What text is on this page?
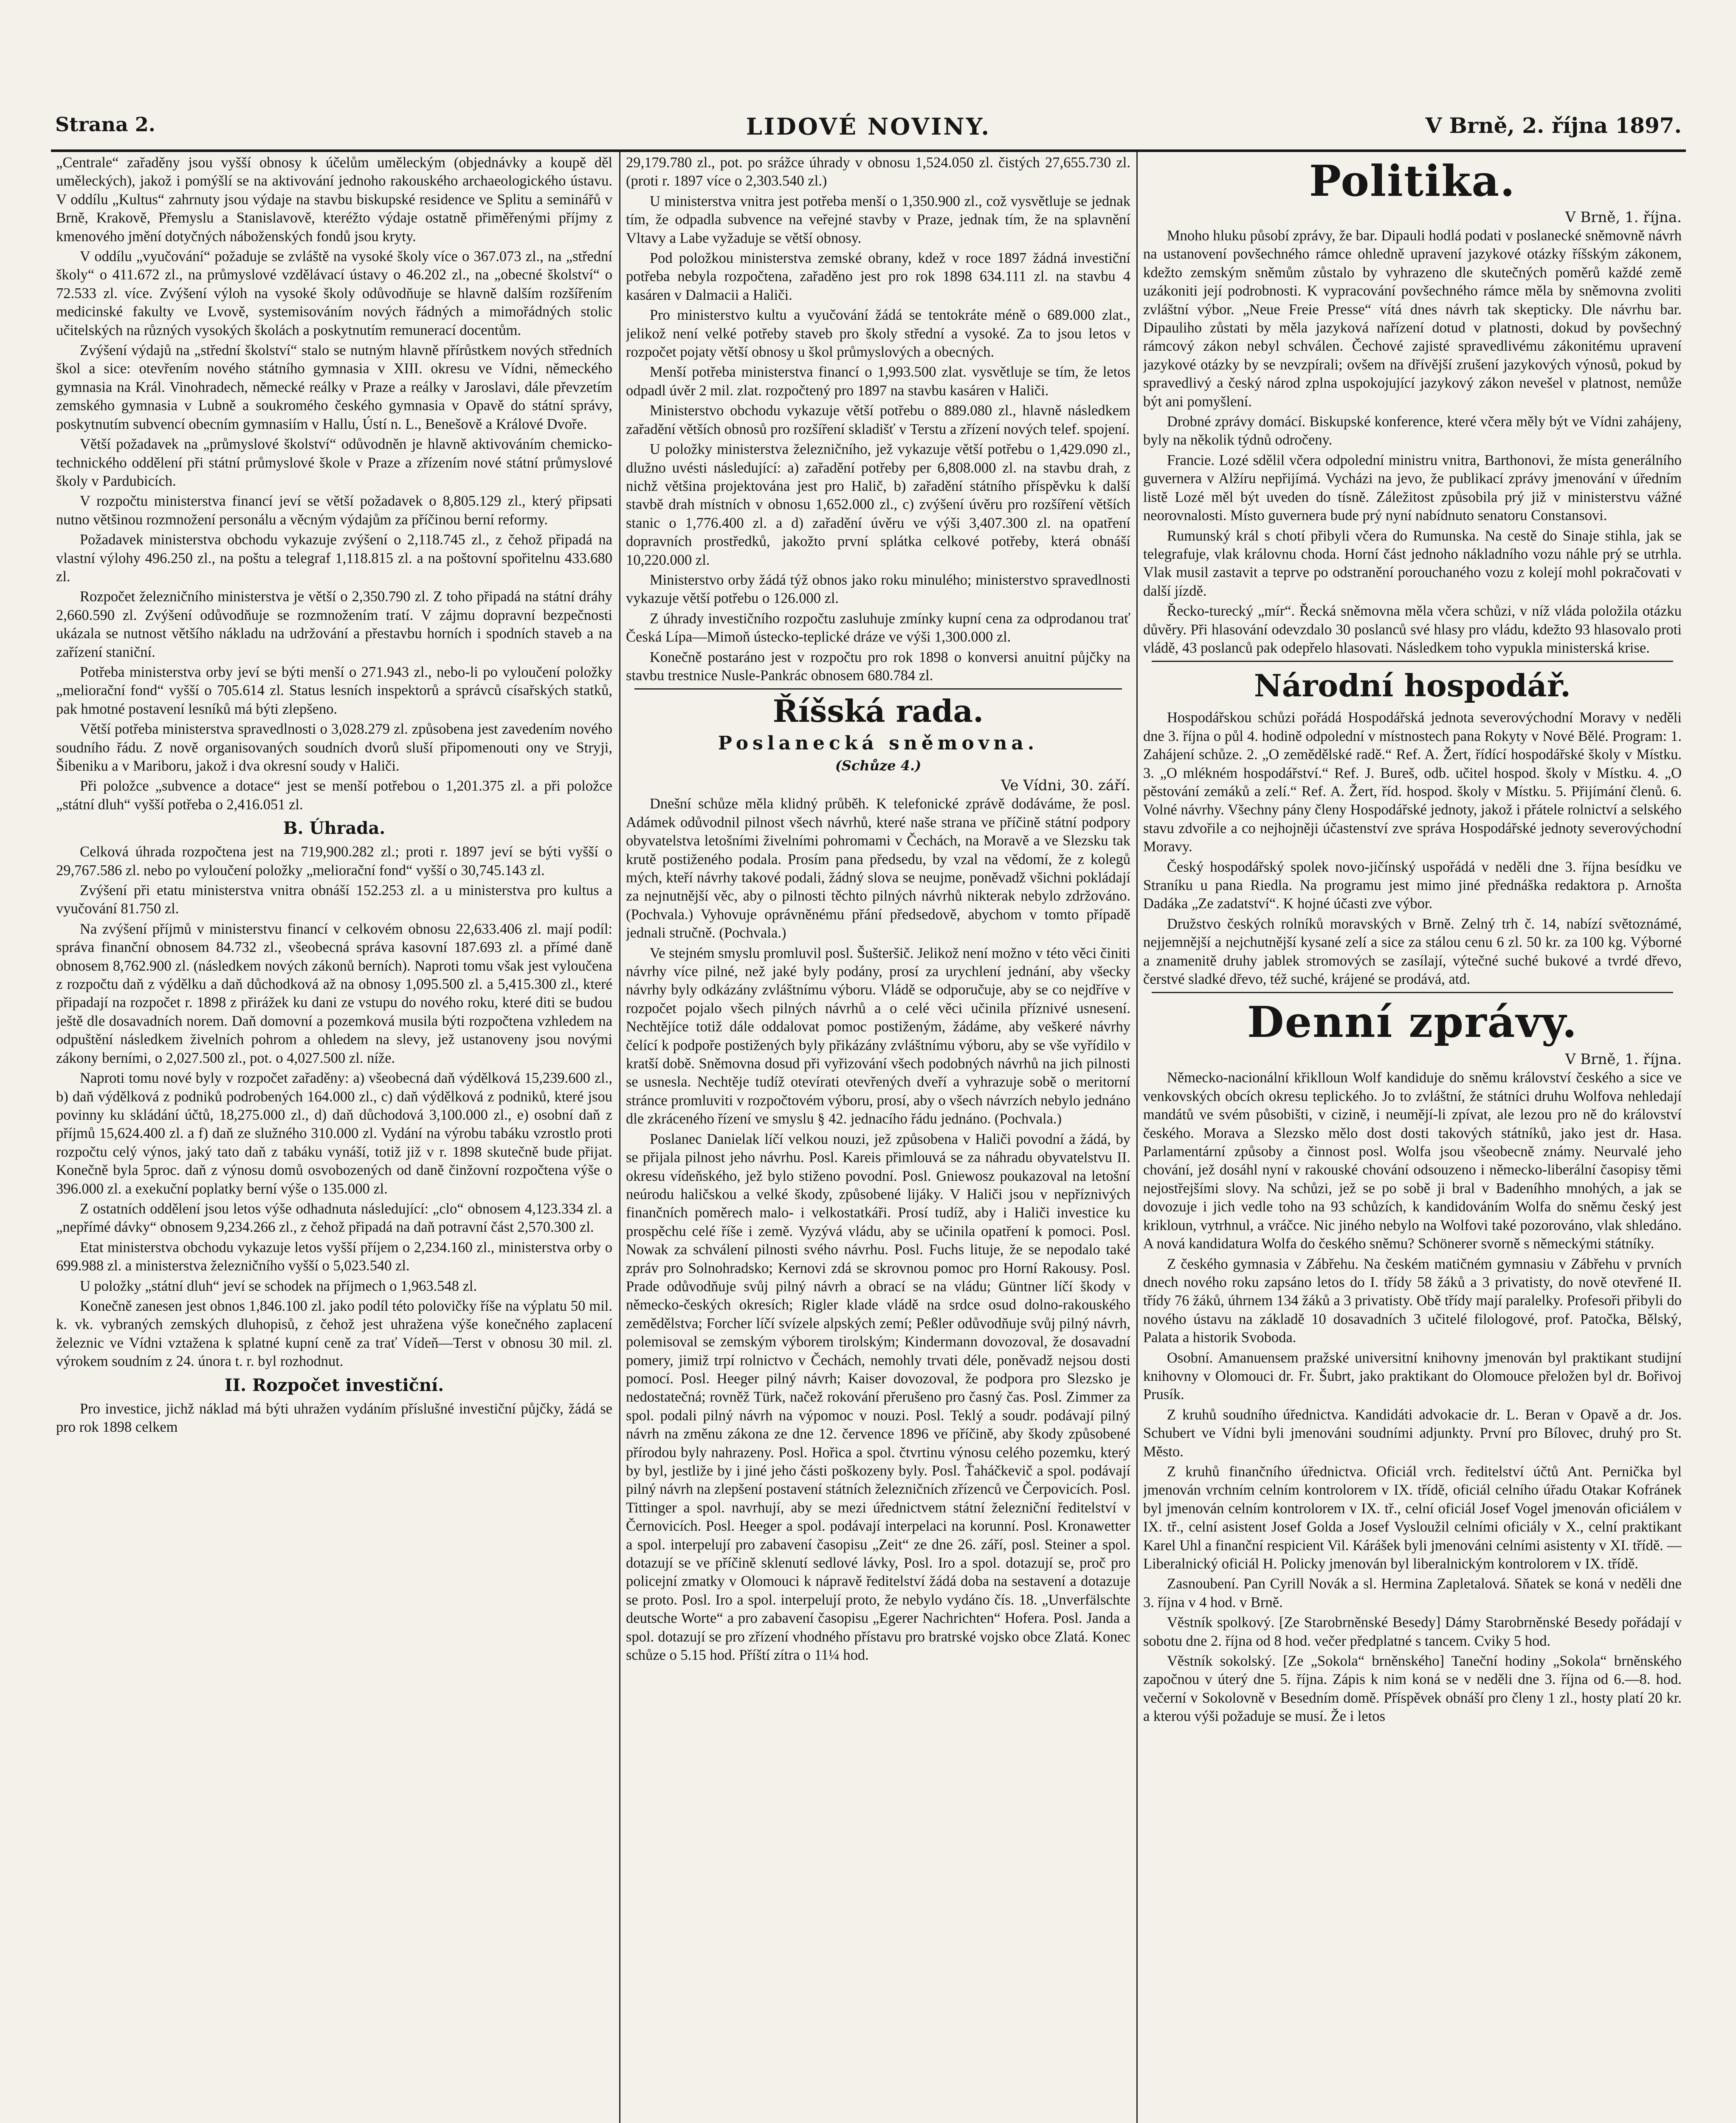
Strana 2.	LIDOVÉ NOVINY.	V Brně, 2. října 1897.

„Centrale“ zařaděny jsou vyšší obnosy k účelům uměleckým (objednávky a koupě děl uměleckých), jakož i pomýšlí se na aktivování jednoho rakouského archaeologického ústavu. V oddílu „Kultus“ zahrnuty jsou výdaje na stavbu biskupské residence ve Splitu a seminářů v Brně, Krakově, Přemyslu a Stanislavově, kteréžto výdaje ostatně přiměřenými příjmy z kmenového jmění dotyčných náboženských fondů jsou kryty.

V oddílu „vyučování“ požaduje se zvláště na vysoké školy více o 367.073 zl., na „střední školy“ o 411.672 zl., na průmyslové vzdělávací ústavy o 46.202 zl., na „obecné školství“ o 72.533 zl. více. Zvýšení výloh na vysoké školy odůvodňuje se hlavně dalším rozšířením medicinské fakulty ve Lvově, systemisováním nových řádných a mimořádných stolic učitelských na různých vysokých školách a poskytnutím remunerací docentům.

Zvýšení výdajů na „střední školství“ stalo se nutným hlavně přírůstkem nových středních škol a sice: otevřením nového státního gymnasia v XIII. okresu ve Vídni, německého gymnasia na Král. Vinohradech, německé reálky v Praze a reálky v Jaroslavi, dále převzetím zemského gymnasia v Lubně a soukromého českého gymnasia v Opavě do státní správy, poskytnutím subvencí obecním gymnasiím v Hallu, Ústí n. L., Benešově a Králové Dvoře.

Větší požadavek na „průmyslové školství“ odůvodněn je hlavně aktivováním chemicko-technického oddělení při státní průmyslové škole v Praze a zřízením nové státní průmyslové školy v Pardubicích.

V rozpočtu ministerstva financí jeví se větší požadavek o 8,805.129 zl., který připsati nutno většinou rozmnožení personálu a věcným výdajům za příčinou berní reformy.

Požadavek ministerstva obchodu vykazuje zvýšení o 2,118.745 zl., z čehož připadá na vlastní výlohy 496.250 zl., na poštu a telegraf 1,118.815 zl. a na poštovní spořitelnu 433.680 zl.

Rozpočet železničního ministerstva je větší o 2,350.790 zl. Z toho připadá na státní dráhy 2,660.590 zl. Zvýšení odůvodňuje se rozmnožením tratí. V zájmu dopravní bezpečnosti ukázala se nutnost většího nákladu na udržování a přestavbu horních i spodních staveb a na zařízení staniční.

Potřeba ministerstva orby jeví se býti menší o 271.943 zl., nebo-li po vyloučení položky „meliorační fond“ vyšší o 705.614 zl. Status lesních inspektorů a správců císařských statků, pak hmotné postavení lesníků má býti zlepšeno.

Větší potřeba ministerstva spravedlnosti o 3,028.279 zl. způsobena jest zavedením nového soudního řádu. Z nově organisovaných soudních dvorů sluší připomenouti ony ve Stryji, Šibeniku a v Mariboru, jakož i dva okresní soudy v Haliči.

Při položce „subvence a dotace“ jest se menší potřebou o 1,201.375 zl. a při položce „státní dluh“ vyšší potřeba o 2,416.051 zl.

B. Úhrada.

Celková úhrada rozpočtena jest na 719,900.282 zl.; proti r. 1897 jeví se býti vyšší o 29,767.586 zl. nebo po vyloučení položky „meliorační fond“ vyšší o 30,745.143 zl.

Zvýšení při etatu ministerstva vnitra obnáší 152.253 zl. a u ministerstva pro kultus a vyučování 81.750 zl.

Na zvýšení příjmů v ministerstvu financí v celkovém obnosu 22,633.406 zl. mají podíl: správa finanční obnosem 84.732 zl., všeobecná správa kasovní 187.693 zl. a přímé daně obnosem 8,762.900 zl. (následkem nových zákonů berních). Naproti tomu však jest vyloučena z rozpočtu daň z výdělku a daň důchodková až na obnosy 1,095.500 zl. a 5,415.300 zl., které připadají na rozpočet r. 1898 z přirážek ku dani ze vstupu do nového roku, které diti se budou ještě dle dosavadních norem. Daň domovní a pozemková musila býti rozpočtena vzhledem na odpuštění následkem živelních pohrom a ohledem na slevy, jež ustanoveny jsou novými zákony berními, o 2,027.500 zl., pot. o 4,027.500 zl. níže.

Naproti tomu nové byly v rozpočet zařaděny: a) všeobecná daň výdělková 15,239.600 zl., b) daň výdělková z podniků podrobených 164.000 zl., c) daň výdělková z podniků, které jsou povinny ku skládání účtů, 18,275.000 zl., d) daň důchodová 3,100.000 zl., e) osobní daň z příjmů 15,624.400 zl. a f) daň ze služného 310.000 zl. Vydání na výrobu tabáku vzrostlo proti rozpočtu celý výnos, jaký tato daň z tabáku vynáší, totiž již v r. 1898 skutečně bude přijat. Konečně byla 5proc. daň z výnosu domů osvobozených od daně činžovní rozpočtena výše o 396.000 zl. a exekuční poplatky berní výše o 135.000 zl.

Z ostatních oddělení jsou letos výše odhadnuta následující: „clo“ obnosem 4,123.334 zl. a „nepřímé dávky“ obnosem 9,234.266 zl., z čehož připadá na daň potravní část 2,570.300 zl.

Etat ministerstva obchodu vykazuje letos vyšší příjem o 2,234.160 zl., ministerstva orby o 699.988 zl. a ministerstva železničního vyšší o 5,023.540 zl.

U položky „státní dluh“ jeví se schodek na příjmech o 1,963.548 zl.

Konečně zanesen jest obnos 1,846.100 zl. jako podíl této polovičky říše na výplatu 50 mil. k. vk. vybraných zemských dluhopisů, z čehož jest uhražena výše konečného zaplacení železnic ve Vídni vztažena k splatné kupní ceně za trať Vídeň—Terst v obnosu 30 mil. zl. výrokem soudním z 24. února t. r. byl rozhodnut.

II. Rozpočet investiční.

Pro investice, jichž náklad má býti uhražen vydáním příslušné investiční půjčky, žádá se pro rok 1898 celkem

29,179.780 zl., pot. po srážce úhrady v obnosu 1,524.050 zl. čistých 27,655.730 zl. (proti r. 1897 více o 2,303.540 zl.)

U ministerstva vnitra jest potřeba menší o 1,350.900 zl., což vysvětluje se jednak tím, že odpadla subvence na veřejné stavby v Praze, jednak tím, že na splavnění Vltavy a Labe vyžaduje se větší obnosy.

Pod položkou ministerstva zemské obrany, kdež v roce 1897 žádná investiční potřeba nebyla rozpočtena, zařaděno jest pro rok 1898 634.111 zl. na stavbu 4 kasáren v Dalmacii a Haliči.

Pro ministerstvo kultu a vyučování žádá se tentokráte méně o 689.000 zlat., jelikož není velké potřeby staveb pro školy střední a vysoké. Za to jsou letos v rozpočet pojaty větší obnosy u škol průmyslových a obecných.

Menší potřeba ministerstva financí o 1,993.500 zlat. vysvětluje se tím, že letos odpadl úvěr 2 mil. zlat. rozpočtený pro 1897 na stavbu kasáren v Haliči.

Ministerstvo obchodu vykazuje větší potřebu o 889.080 zl., hlavně následkem zařadění větších obnosů pro rozšíření skladišť v Terstu a zřízení nových telef. spojení.

U položky ministerstva železničního, jež vykazuje větší potřebu o 1,429.090 zl., dlužno uvésti následující: a) zařadění potřeby per 6,808.000 zl. na stavbu drah, z nichž většina projektována jest pro Halič, b) zařadění státního příspěvku k další stavbě drah místních v obnosu 1,652.000 zl., c) zvýšení úvěru pro rozšíření větších stanic o 1,776.400 zl. a d) zařadění úvěru ve výši 3,407.300 zl. na opatření dopravních prostředků, jakožto první splátka celkové potřeby, která obnáší 10,220.000 zl.

Ministerstvo orby žádá týž obnos jako roku minulého; ministerstvo spravedlnosti vykazuje větší potřebu o 126.000 zl.

Z úhrady investičního rozpočtu zasluhuje zmínky kupní cena za odprodanou trať Česká Lípa—Mimoň ústecko-teplické dráze ve výši 1,300.000 zl.

Konečně postaráno jest v rozpočtu pro rok 1898 o konversi anuitní půjčky na stavbu trestnice Nusle-Pankrác obnosem 680.784 zl.

Říšská rada.
Poslanecká sněmovna.
(Schůze 4.)
Ve Vídni, 30. září.

Dnešní schůze měla klidný průběh. K telefonické zprávě dodáváme, že posl. Adámek odůvodnil pilnost všech návrhů, které naše strana ve příčině státní podpory obyvatelstva letošními živelními pohromami v Čechách, na Moravě a ve Slezsku tak krutě postiženého podala. Prosím pana předsedu, by vzal na vědomí, že z kolegů mých, kteří návrhy takové podali, žádný slova se neujme, poněvadž všichni pokládají za nejnutnější věc, aby o pilnosti těchto pilných návrhů nikterak nebylo zdržováno. (Pochvala.) Vyhovuje oprávněnému přání předsedově, abychom v tomto případě jednali stručně. (Pochvala.)

Ve stejném smyslu promluvil posl. Šušteršič. Jelikož není možno v této věci činiti návrhy více pilné, než jaké byly podány, prosí za urychlení jednání, aby všecky návrhy byly odkázány zvláštnímu výboru. Vládě se odporučuje, aby se co nejdříve v rozpočet pojalo všech pilných návrhů a o celé věci učinila příznivé usnesení. Nechtějíce totiž dále oddalovat pomoc postiženým, žádáme, aby veškeré návrhy čelící k podpoře postižených byly přikázány zvláštnímu výboru, aby se vše vyřídilo v kratší době. Sněmovna dosud při vyřizování všech podobných návrhů na jich pilnosti se usnesla. Nechtěje tudíž otevírati otevřených dveří a vyhrazuje sobě o meritorní stránce promluviti v rozpočtovém výboru, prosí, aby o všech návrzích nebylo jednáno dle zkráceného řízení ve smyslu § 42. jednacího řádu jednáno. (Pochvala.)

Poslanec Danielak líčí velkou nouzi, jež způsobena v Haliči povodní a žádá, by se přijala pilnost jeho návrhu. Posl. Kareis přimlouvá se za náhradu obyvatelstvu II. okresu vídeňského, jež bylo stiženo povodní. Posl. Gniewosz poukazoval na letošní neúrodu haličskou a velké škody, způsobené lijáky. V Haliči jsou v nepříznivých finančních poměrech malo- i velkostatkáři. Prosí tudíž, aby i Haliči investice ku prospěchu celé říše i země. Vyzývá vládu, aby se učinila opatření k pomoci. Posl. Nowak za schválení pilnosti svého návrhu. Posl. Fuchs lituje, že se nepodalo také zpráv pro Solnohradsko; Kernovi zdá se skrovnou pomoc pro Horní Rakousy. Posl. Prade odůvodňuje svůj pilný návrh a obrací se na vládu; Güntner líčí škody v německo-českých okresích; Rigler klade vládě na srdce osud dolno-rakouského zemědělstva; Forcher líčí svízele alpských zemí; Peßler odůvodňuje svůj pilný návrh, polemisoval se zemským výborem tirolským; Kindermann dovozoval, že dosavadní pomery, jimiž trpí rolnictvo v Čechách, nemohly trvati déle, poněvadž nejsou dosti pomocí. Posl. Heeger pilný návrh; Kaiser dovozoval, že podpora pro Slezsko je nedostatečná; rovněž Türk, načež rokování přerušeno pro časný čas. Posl. Zimmer za spol. podali pilný návrh na výpomoc v nouzi. Posl. Teklý a soudr. podávají pilný návrh na změnu zákona ze dne 12. července 1896 ve příčině, aby škody způsobené přírodou byly nahrazeny. Posl. Hořica a spol. čtvrtinu výnosu celého pozemku, který by byl, jestliže by i jiné jeho části poškozeny byly. Posl. Ťaháčkevič a spol. podávají pilný návrh na zlepšení postavení státních železničních zřízenců ve Čerpovicích. Posl. Tittinger a spol. navrhují, aby se mezi úřednictvem státní železniční ředitelství v Černovicích. Posl. Heeger a spol. podávají interpelaci na korunní. Posl. Kronawetter a spol. interpelují pro zabavení časopisu „Zeit“ ze dne 26. září, posl. Steiner a spol. dotazují se ve příčině sklenutí sedlové lávky, Posl. Iro a spol. dotazují se, proč pro policejní zmatky v Olomouci k nápravě ředitelství žádá doba na sestavení a dotazuje se proto. Posl. Iro a spol. interpelují proto, že nebylo vydáno čís. 18. „Unverfälschte deutsche Worte“ a pro zabavení časopisu „Egerer Nachrichten“ Hofera. Posl. Janda a spol. dotazují se pro zřízení vhodného přístavu pro bratrské vojsko obce Zlatá. Konec schůze o 5.15 hod. Příští zítra o 11¼ hod.

Politika.
V Brně, 1. října.

Mnoho hluku působí zprávy, že bar. Dipauli hodlá podati v poslanecké sněmovně návrh na ustanovení povšechného rámce ohledně upravení jazykové otázky říšským zákonem, kdežto zemským sněmům zůstalo by vyhrazeno dle skutečných poměrů každé země uzákoniti její podrobnosti. K vypracování povšechného rámce měla by sněmovna zvoliti zvláštní výbor. „Neue Freie Presse“ vítá dnes návrh tak skepticky. Dle návrhu bar. Dipauliho zůstati by měla jazyková nařízení dotud v platnosti, dokud by povšechný rámcový zákon nebyl schválen. Čechové zajisté spravedlivému zákonitému upravení jazykové otázky by se nevzpírali; ovšem na dřívější zrušení jazykových výnosů, pokud by spravedlivý a český národ zplna uspokojující jazykový zákon nevešel v platnost, nemůže být ani pomyšlení.

Drobné zprávy domácí. Biskupské konference, které včera měly být ve Vídni zahájeny, byly na několik týdnů odročeny.

Francie. Lozé sdělil včera odpolední ministru vnitra, Barthonovi, že místa generálního guvernera v Alžíru nepřijímá. Vycházi na jevo, že publikací zprávy jmenování v úředním listě Lozé měl být uveden do tísně. Záležitost způsobila prý již v ministerstvu vážné neorovnalosti. Místo guvernera bude prý nyní nabídnuto senatoru Constansovi.

Rumunský král s chotí přibyli včera do Rumunska. Na cestě do Sinaje stihla, jak se telegrafuje, vlak královnu choda. Horní část jednoho nákladního vozu náhle prý se utrhla. Vlak musil zastavit a teprve po odstranění porouchaného vozu z kolejí mohl pokračovati v další jízdě.

Řecko-turecký „mír“. Řecká sněmovna měla včera schůzi, v níž vláda položila otázku důvěry. Při hlasování odevzdalo 30 poslanců své hlasy pro vládu, kdežto 93 hlasovalo proti vládě, 43 poslanců pak odepřelo hlasovati. Následkem toho vypukla ministerská krise.

Národní hospodář.

Hospodářskou schůzi pořádá Hospodářská jednota severovýchodní Moravy v neděli dne 3. října o půl 4. hodině odpolední v místnostech pana Rokyty v Nové Bělé. Program: 1. Zahájení schůze. 2. „O zemědělské radě.“ Ref. A. Žert, řídící hospodářské školy v Místku. 3. „O mlékném hospodářství.“ Ref. J. Bureš, odb. učitel hospod. školy v Místku. 4. „O pěstování zemáků a zelí.“ Ref. A. Žert, říd. hospod. školy v Místku. 5. Přijímání členů. 6. Volné návrhy. Všechny pány členy Hospodářské jednoty, jakož i přátele rolnictví a selského stavu zdvořile a co nejhojněji účastenství zve správa Hospodářské jednoty severovýchodní Moravy.

Český hospodářský spolek novo-jičínský uspořádá v neděli dne 3. října besídku ve Straníku u pana Riedla. Na programu jest mimo jiné přednáška redaktora p. Arnošta Dadáka „Ze zadatství“. K hojné účasti zve výbor.

Družstvo českých rolníků moravských v Brně. Zelný trh č. 14, nabízí světoznámé, nejjemnější a nejchutnější kysané zelí a sice za stálou cenu 6 zl. 50 kr. za 100 kg. Výborné a znamenitě druhy jablek stromových se zasílají, výtečné suché bukové a tvrdé dřevo, čerstvé sladké dřevo, též suché, krájené se prodává, atd.

Denní zprávy.
V Brně, 1. října.

Německo-nacionální křiklloun Wolf kandiduje do sněmu království českého a sice ve venkovských obcích okresu teplického. Jo to zvláštní, že státníci druhu Wolfova nehledají mandátů ve svém působišti, v cizině, i neumějí-li zpívat, ale lezou pro ně do království českého. Morava a Slezsko mělo dost dosti takových státníků, jako jest dr. Hasa. Parlamentární způsoby a činnost posl. Wolfa jsou všeobecně známy. Neurvalé jeho chování, jež dosáhl nyní v rakouské chování odsouzeno i německo-liberální časopisy těmi nejostřejšími slovy. Na schůzi, jež se po sobě ji bral v Badeníhho mnohých, a jak se dovozuje i jich vedle toho na 93 schůzích, k kandidováním Wolfa do sněmu český jest krikloun, vytrhnul, a vráčce. Nic jiného nebylo na Wolfovi také pozorováno, vlak shledáno. A nová kandidatura Wolfa do českého sněmu? Schönerer svorně s německými státníky.

Z českého gymnasia v Zábřehu. Na českém matičném gymnasiu v Zábřehu v prvních dnech nového roku zapsáno letos do I. třídy 58 žáků a 3 privatisty, do nově otevřené II. třídy 76 žáků, úhrnem 134 žáků a 3 privatisty. Obě třídy mají paralelky. Profesoři přibyli do nového ústavu na základě 10 dosavadních 3 učitelé filologové, prof. Patočka, Bělský, Palata a historik Svoboda.

Osobní. Amanuensem pražské universitní knihovny jmenován byl praktikant studijní knihovny v Olomouci dr. Fr. Šubrt, jako praktikant do Olomouce přeložen byl dr. Bořivoj Prusík.

Z kruhů soudního úřednictva. Kandidáti advokacie dr. L. Beran v Opavě a dr. Jos. Schubert ve Vídni byli jmenováni soudními adjunkty. První pro Bílovec, druhý pro St. Město.

Z kruhů finančního úřednictva. Oficiál vrch. ředitelství účtů Ant. Pernička byl jmenován vrchním celním kontrolorem v IX. třídě, oficiál celního úřadu Otakar Kofránek byl jmenován celním kontrolorem v IX. tř., celní oficiál Josef Vogel jmenován oficiálem v IX. tř., celní asistent Josef Golda a Josef Vysloužil celními oficiály v X., celní praktikant Karel Uhl a finanční respicient Vil. Kárášek byli jmenováni celními asistenty v XI. třídě. — Liberalnický oficiál H. Policky jmenován byl liberalnickým kontrolorem v IX. třídě.

Zasnoubení. Pan Cyrill Novák a sl. Hermina Zapletalová. Sňatek se koná v neděli dne 3. října v 4 hod. v Brně.

Věstník spolkový. [Ze Starobrněnské Besedy] Dámy Starobrněnské Besedy pořádají v sobotu dne 2. října od 8 hod. večer předplatné s tancem. Cviky 5 hod.

Věstník sokolský. [Ze „Sokola“ brněnského] Taneční hodiny „Sokola“ brněnského započnou v úterý dne 5. října. Zápis k nim koná se v neděli dne 3. října od 6.—8. hod. večerní v Sokolovně v Besedním domě. Příspěvek obnáší pro členy 1 zl., hosty platí 20 kr. a kterou výši požaduje se musí. Že i letos
